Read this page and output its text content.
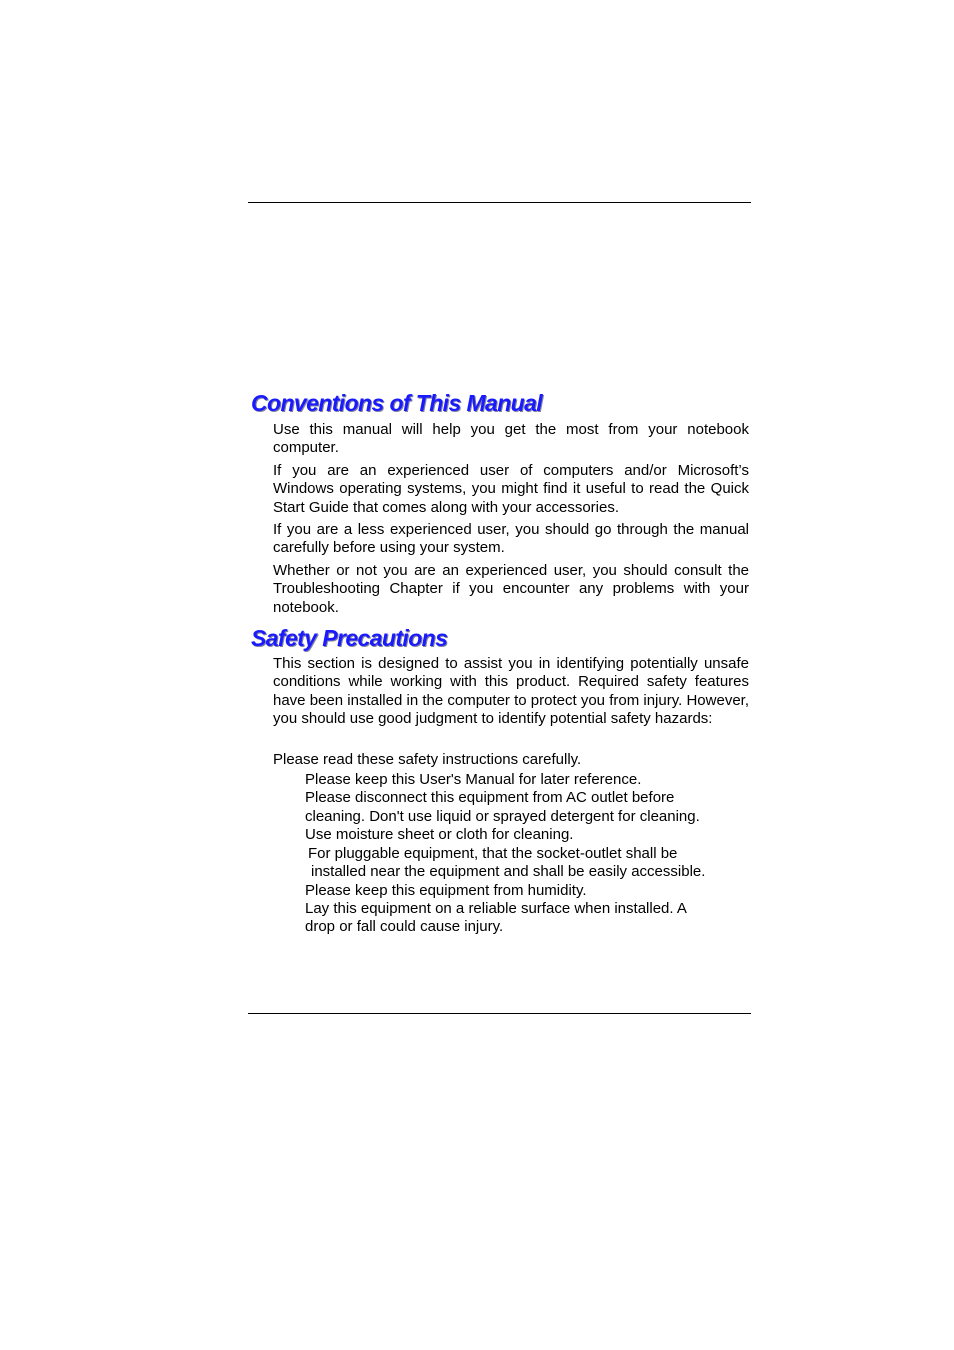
Conventions of This Manual

Use this manual will help you get the most from your notebook computer.

If you are an experienced user of computers and/or Microsoft’s Windows operating systems, you might find it useful to read the Quick Start Guide that comes along with your accessories.

If you are a less experienced user, you should go through the manual carefully before using your system.

Whether or not you are an experienced user, you should consult the Troubleshooting Chapter if you encounter any problems with your notebook.

Safety Precautions

This section is designed to assist you in identifying potentially unsafe conditions while working with this product. Required safety features have been installed in the computer to protect you from injury. However, you should use good judgment to identify potential safety hazards:

Please read these safety instructions carefully.

Please keep this User's Manual for later reference.

Please disconnect this equipment from AC outlet before

cleaning. Don't use liquid or sprayed detergent for cleaning.

Use moisture sheet or cloth for cleaning.

For pluggable equipment, that the socket-outlet shall be

installed near the equipment and shall be easily accessible.

Please keep this equipment from humidity.

Lay this equipment on a reliable surface when installed. A

drop or fall could cause injury.
